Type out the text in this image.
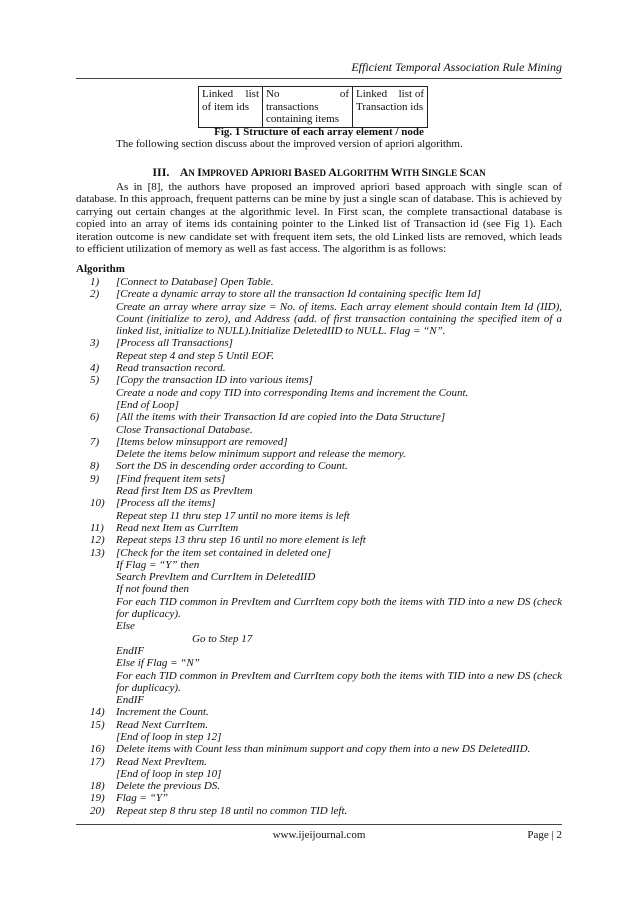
Efficient Temporal Association Rule Mining
Linked list
of item ids

No	of
transactions
containing items

Linked list of
Transaction ids
Fig. 1 Structure of each array element / node
The following section discuss about the improved version of apriori algorithm.
III. AN IMPROVED APRIORI BASED ALGORITHM WITH SINGLE SCAN

As in [8], the authors have proposed an improved apriori based approach with single scan of database. In this approach, frequent patterns can be mine by just a single scan of database. This is achieved by carrying out certain changes at the algorithmic level. In First scan, the complete transactional database is copied into an array of items ids containing pointer to the Linked list of Transaction id (see Fig 1). Each iteration outcome is new candidate set with frequent item sets, the old Linked lists are removed, which leads to efficient utilization of memory as well as fast access. The algorithm is as follows:

Algorithm
1)	[Connect to Database] Open Table.
2)	[Create a dynamic array to store all the transaction Id containing specific Item Id]
Create an array where array size = No. of items. Each array element should contain Item Id (IID), Count (initialize to zero), and Address (add. of first transaction containing the specified item of a linked list, initialize to NULL).Initialize DeletedIID to NULL. Flag = “N”.
3)	[Process all Transactions]
Repeat step 4 and step 5 Until EOF.
4)	Read transaction record.
5)	[Copy the transaction ID into various items]
Create a node and copy TID into corresponding Items and increment the Count.
[End of Loop]
6)	[All the items with their Transaction Id are copied into the Data Structure]
Close Transactional Database.
7)	[Items below minsupport are removed]
Delete the items below minimum support and release the memory.
8)	Sort the DS in descending order according to Count.
9)	[Find frequent item sets]
Read first Item DS as PrevItem
10)	[Process all the items]
Repeat step 11 thru step 17 until no more items is left
11)	Read next Item as CurrItem
12)	Repeat steps 13 thru step 16 until no more element is left
13)	[Check for the item set contained in deleted one]
If Flag = “Y” then
Search PrevItem and CurrItem in DeletedIID
If not found then
For each TID common in PrevItem and CurrItem copy both the items with TID into a new DS (check for duplicacy).
Else
Go to Step 17
EndIF
Else if Flag = “N”
For each TID common in PrevItem and CurrItem copy both the items with TID into a new DS (check for duplicacy).
EndIF
14)	Increment the Count.
15)	Read Next CurrItem.
[End of loop in step 12]
16)	Delete items with Count less than minimum support and copy them into a new DS DeletedIID.
17)	Read Next PrevItem.
[End of loop in step 10]
18)	Delete the previous DS.
19)	Flag = “Y”
20)	Repeat step 8 thru step 18 until no common TID left.
www.ijeijournal.com	Page | 2
